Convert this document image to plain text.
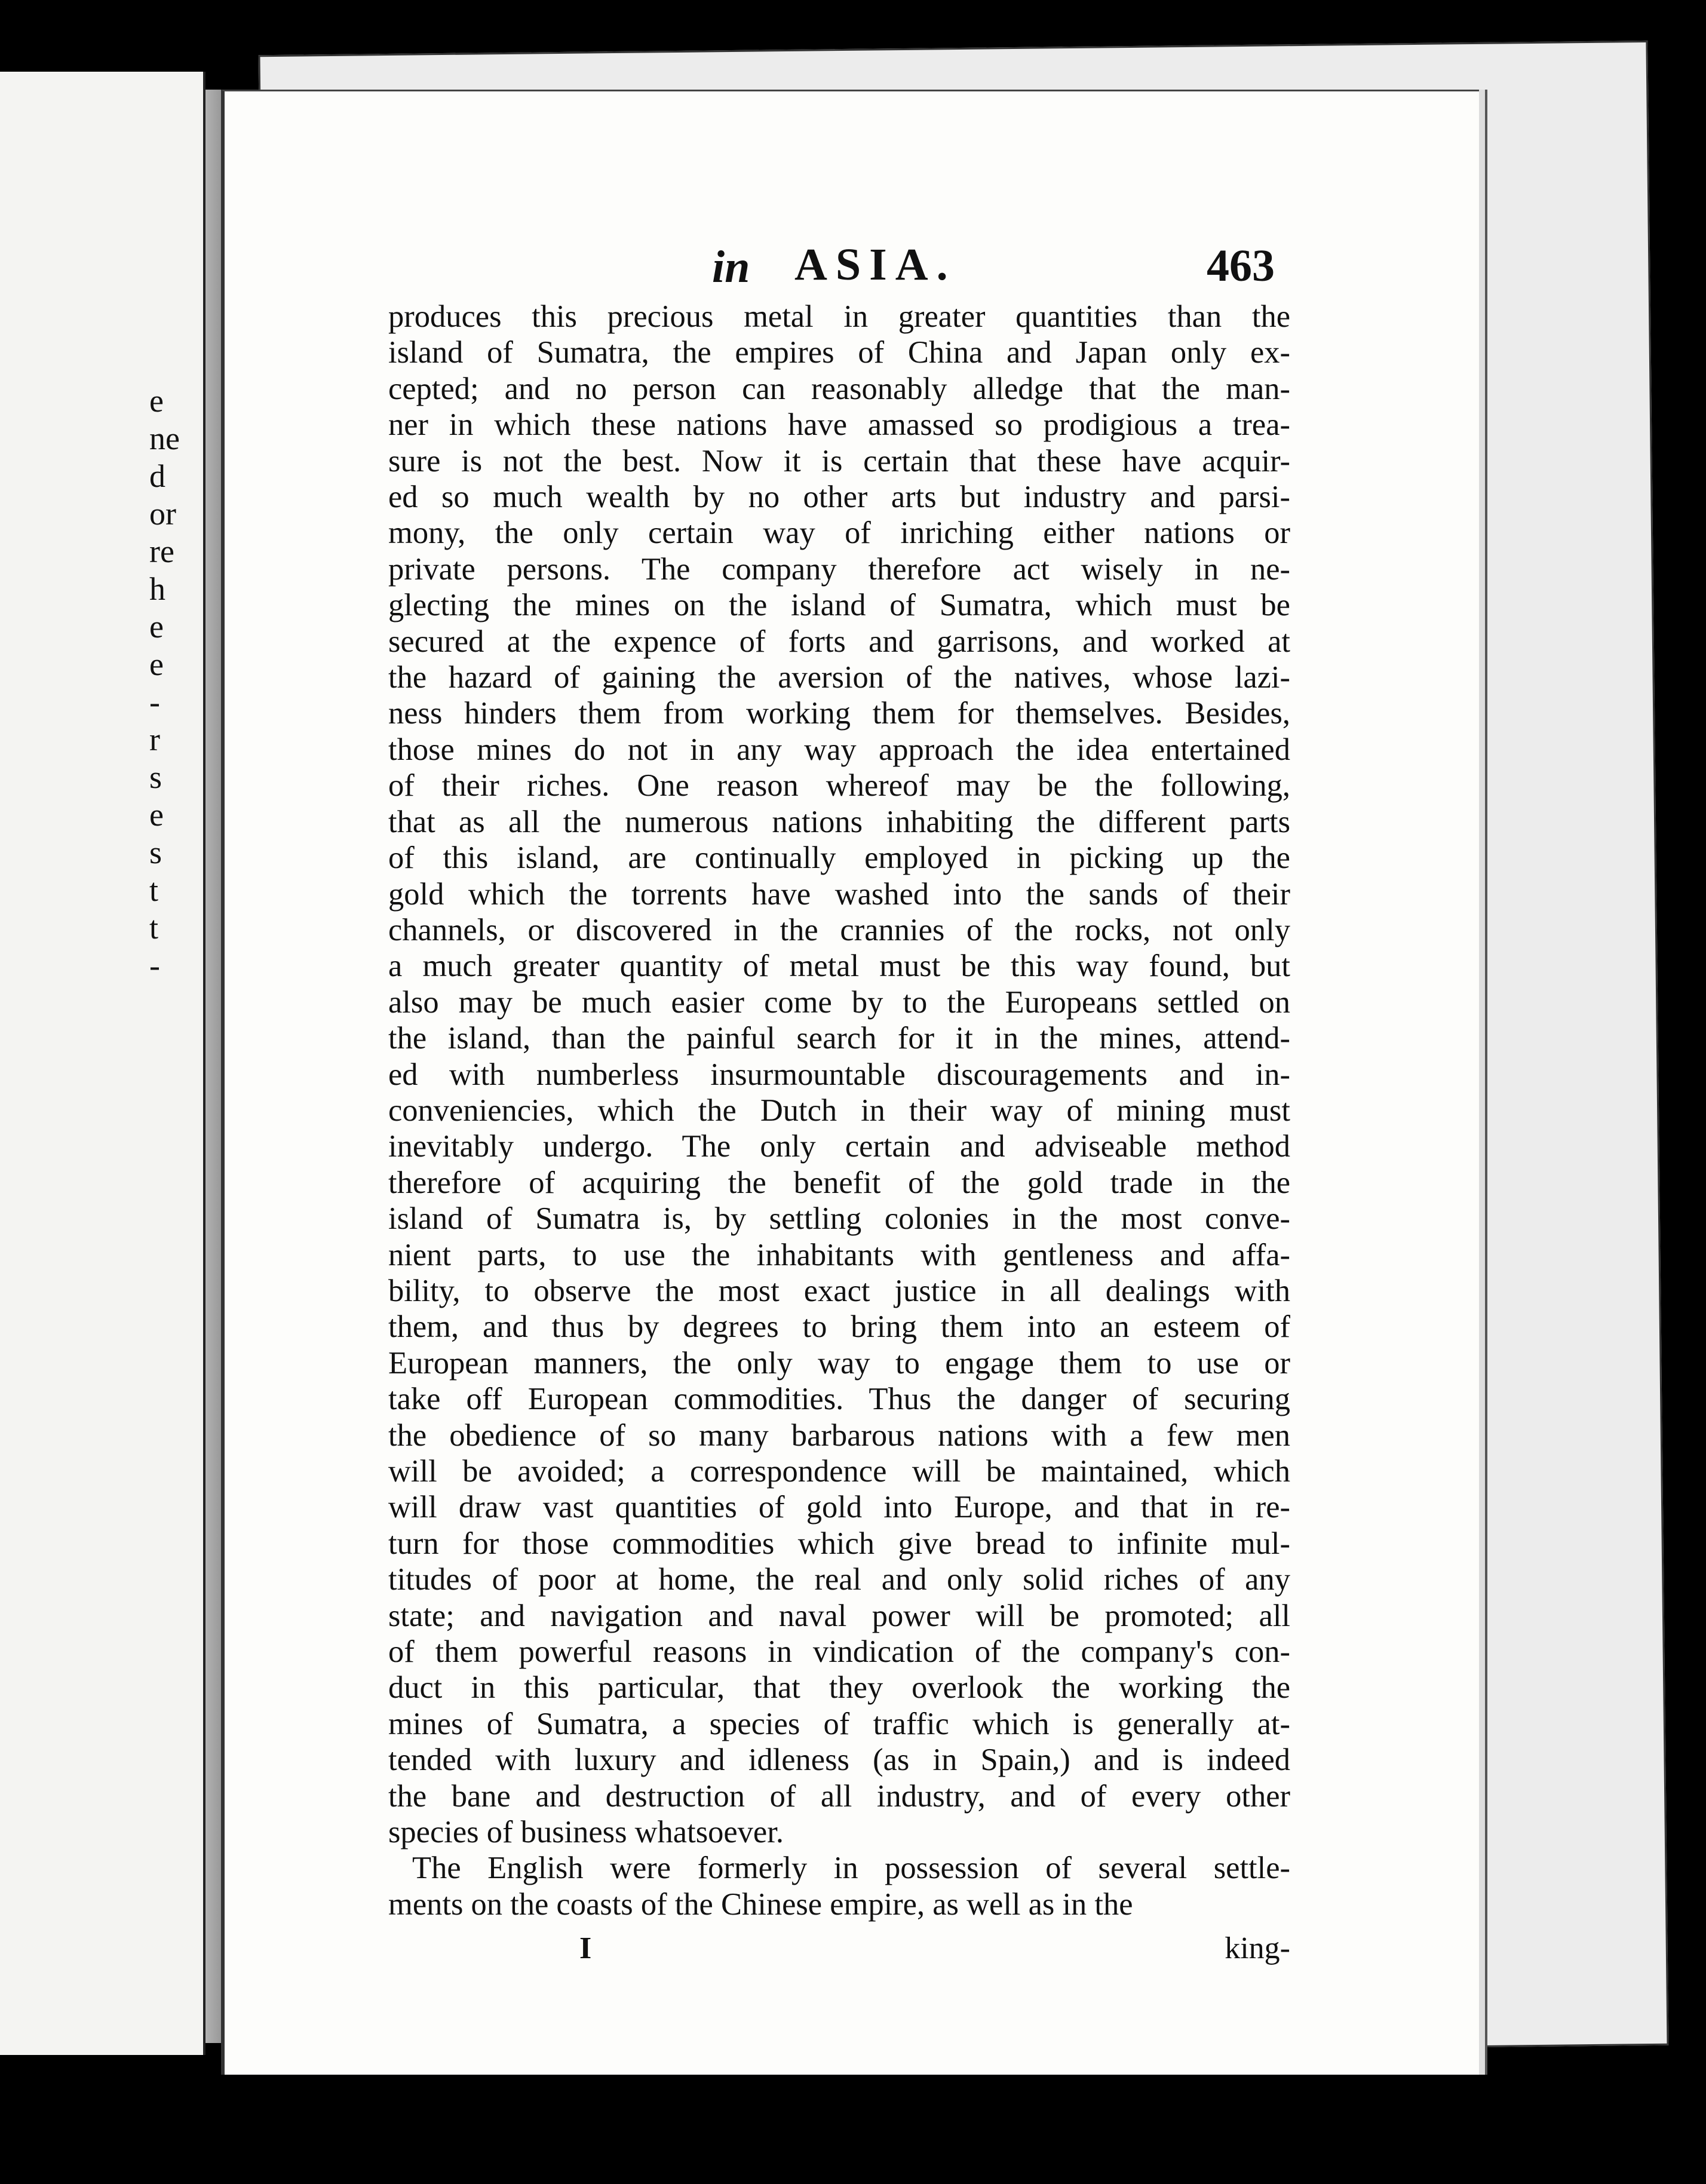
e
ne
d
or
re
h
e
e
-
r
s
e
s
t
t
-
in ASIA.	463
produces this precious metal in greater quantities than the
island of Sumatra, the empires of China and Japan only ex-
cepted; and no person can reasonably alledge that the man-
ner in which these nations have amassed so prodigious a trea-
sure is not the best. Now it is certain that these have acquir-
ed so much wealth by no other arts but industry and parsi-
mony, the only certain way of inriching either nations or
private persons. The company therefore act wisely in ne-
glecting the mines on the island of Sumatra, which must be
secured at the expence of forts and garrisons, and worked at
the hazard of gaining the aversion of the natives, whose lazi-
ness hinders them from working them for themselves. Besides,
those mines do not in any way approach the idea entertained
of their riches. One reason whereof may be the following,
that as all the numerous nations inhabiting the different parts
of this island, are continually employed in picking up the
gold which the torrents have washed into the sands of their
channels, or discovered in the crannies of the rocks, not only
a much greater quantity of metal must be this way found, but
also may be much easier come by to the Europeans settled on
the island, than the painful search for it in the mines, attend-
ed with numberless insurmountable discouragements and in-
conveniencies, which the Dutch in their way of mining must
inevitably undergo. The only certain and adviseable method
therefore of acquiring the benefit of the gold trade in the
island of Sumatra is, by settling colonies in the most conve-
nient parts, to use the inhabitants with gentleness and affa-
bility, to observe the most exact justice in all dealings with
them, and thus by degrees to bring them into an esteem of
European manners, the only way to engage them to use or
take off European commodities. Thus the danger of securing
the obedience of so many barbarous nations with a few men
will be avoided; a correspondence will be maintained, which
will draw vast quantities of gold into Europe, and that in re-
turn for those commodities which give bread to infinite mul-
titudes of poor at home, the real and only solid riches of any
state; and navigation and naval power will be promoted; all
of them powerful reasons in vindication of the company's con-
duct in this particular, that they overlook the working the
mines of Sumatra, a species of traffic which is generally at-
tended with luxury and idleness (as in Spain,) and is indeed
the bane and destruction of all industry, and of every other
species of business whatsoever.
The English were formerly in possession of several settle-
ments on the coasts of the Chinese empire, as well as in the
I	king-
